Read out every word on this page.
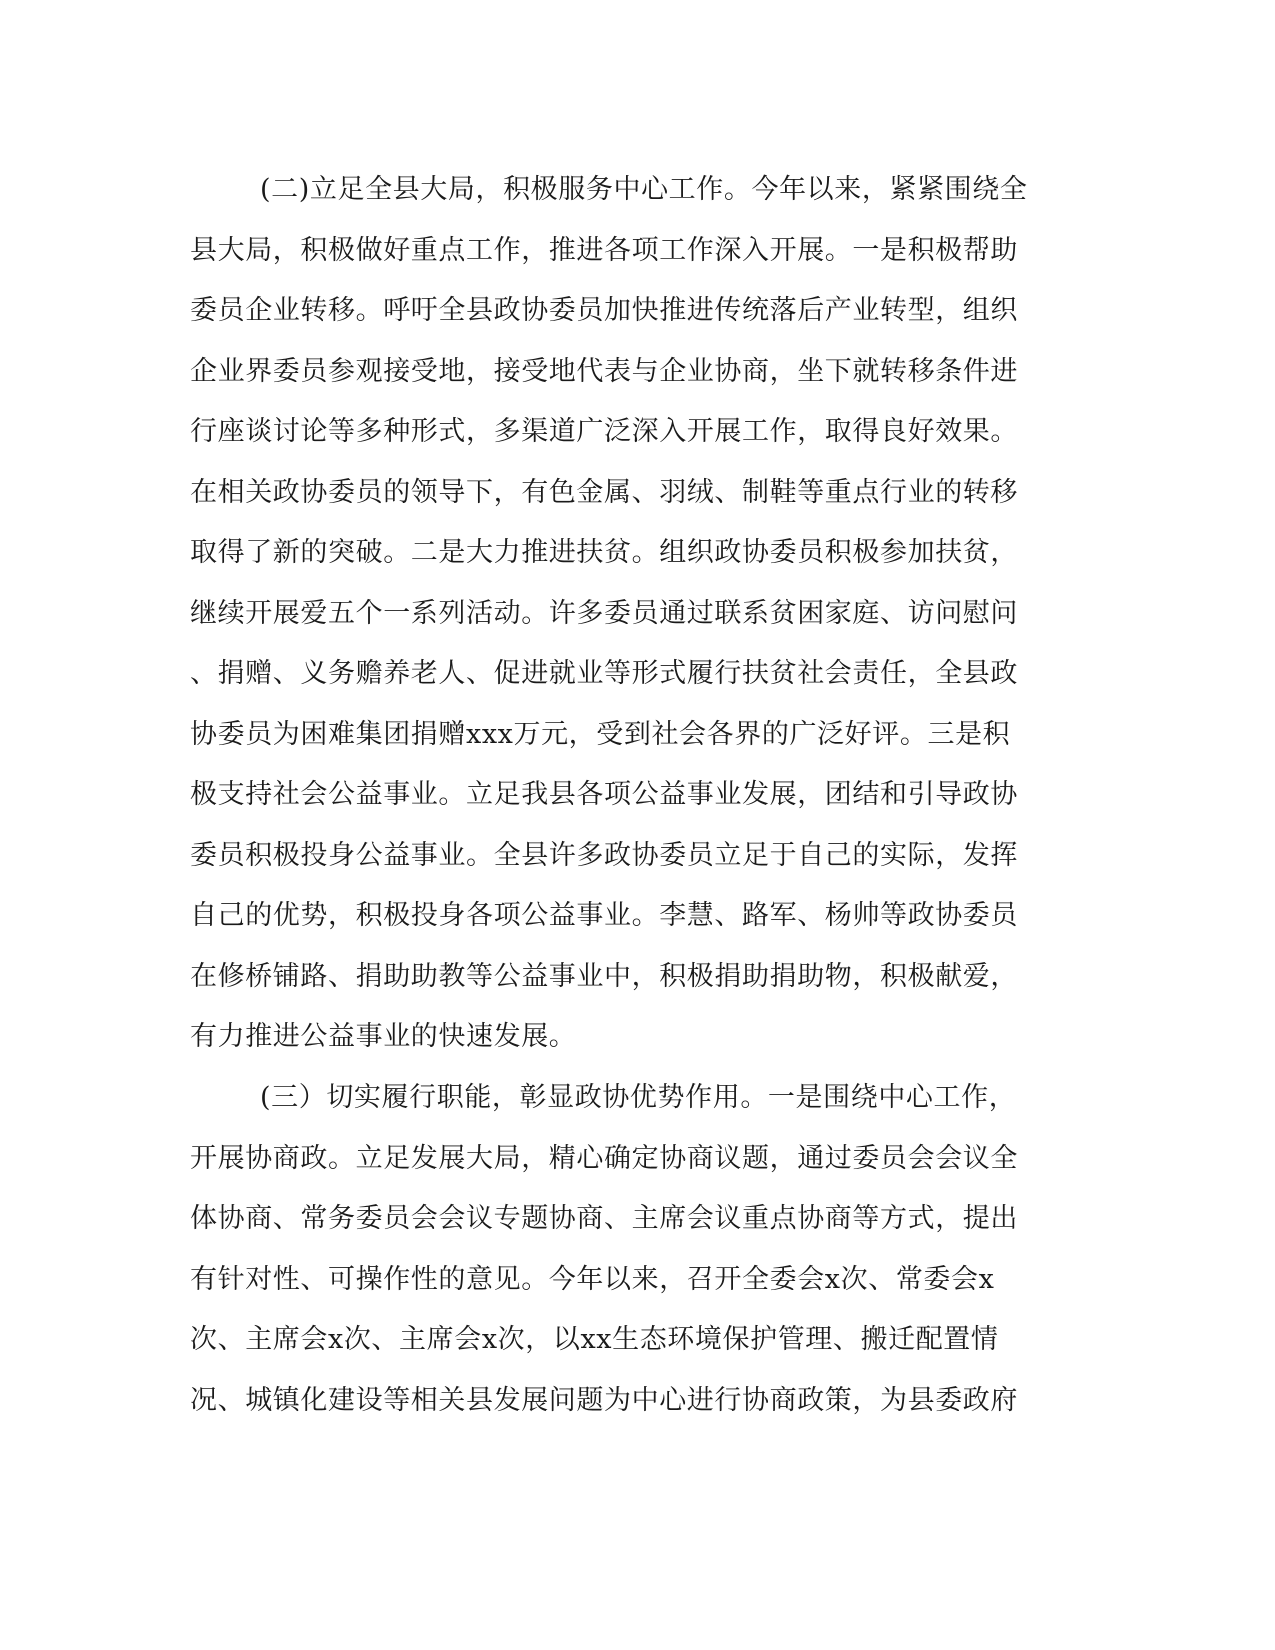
(二)立足全县大局，积极服务中心工作。今年以来，紧紧围绕全
县大局，积极做好重点工作，推进各项工作深入开展。一是积极帮助
委员企业转移。呼吁全县政协委员加快推进传统落后产业转型，组织
企业界委员参观接受地，接受地代表与企业协商，坐下就转移条件进
行座谈讨论等多种形式，多渠道广泛深入开展工作，取得良好效果。
在相关政协委员的领导下，有色金属、羽绒、制鞋等重点行业的转移
取得了新的突破。二是大力推进扶贫。组织政协委员积极参加扶贫，
继续开展爱五个一系列活动。许多委员通过联系贫困家庭、访问慰问
、捐赠、义务赡养老人、促进就业等形式履行扶贫社会责任，全县政
协委员为困难集团捐赠xxx万元，受到社会各界的广泛好评。三是积
极支持社会公益事业。立足我县各项公益事业发展，团结和引导政协
委员积极投身公益事业。全县许多政协委员立足于自己的实际，发挥
自己的优势，积极投身各项公益事业。李慧、路军、杨帅等政协委员
在修桥铺路、捐助助教等公益事业中，积极捐助捐助物，积极献爱，
有力推进公益事业的快速发展。
(三）切实履行职能，彰显政协优势作用。一是围绕中心工作，
开展协商政。立足发展大局，精心确定协商议题，通过委员会会议全
体协商、常务委员会会议专题协商、主席会议重点协商等方式，提出
有针对性、可操作性的意见。今年以来，召开全委会x次、常委会x
次、主席会x次、主席会x次，以xx生态环境保护管理、搬迁配置情
况、城镇化建设等相关县发展问题为中心进行协商政策，为县委政府
